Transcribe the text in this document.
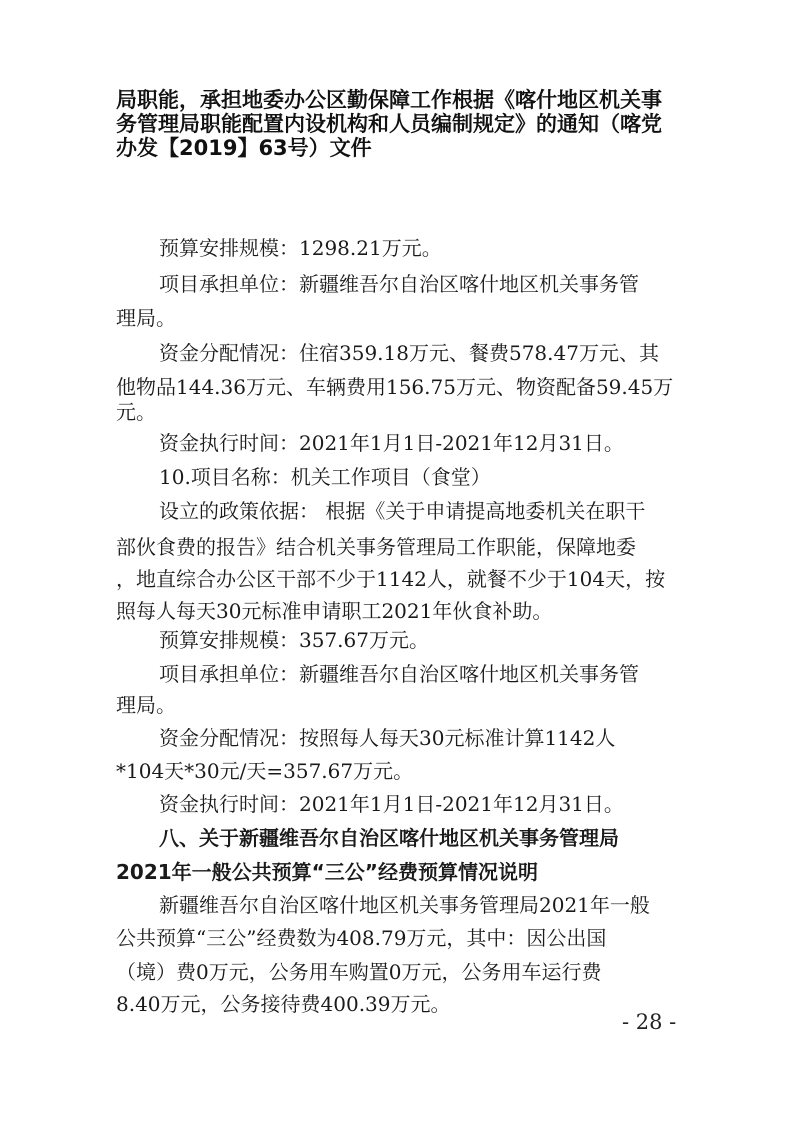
局职能，承担地委办公区勤保障工作根据《喀什地区机关事
务管理局职能配置内设机构和人员编制规定》的通知（喀党
办发【2019】63号）文件
预算安排规模：1298.21万元。
项目承担单位：新疆维吾尔自治区喀什地区机关事务管
理局。
资金分配情况：住宿359.18万元、餐费578.47万元、其
他物品144.36万元、车辆费用156.75万元、物资配备59.45万
元。
资金执行时间：2021年1月1日-2021年12月31日。
10.项目名称：机关工作项目（食堂）
设立的政策依据： 根据《关于申请提高地委机关在职干
部伙食费的报告》结合机关事务管理局工作职能，保障地委
，地直综合办公区干部不少于1142人，就餐不少于104天，按
照每人每天30元标准申请职工2021年伙食补助。
预算安排规模：357.67万元。
项目承担单位：新疆维吾尔自治区喀什地区机关事务管
理局。
资金分配情况：按照每人每天30元标准计算1142人
*104天*30元/天=357.67万元。
资金执行时间：2021年1月1日-2021年12月31日。
八、关于新疆维吾尔自治区喀什地区机关事务管理局
2021年一般公共预算“三公”经费预算情况说明
新疆维吾尔自治区喀什地区机关事务管理局2021年一般
公共预算“三公”经费数为408.79万元，其中：因公出国
（境）费0万元，公务用车购置0万元，公务用车运行费
8.40万元，公务接待费400.39万元。
- 28 -
